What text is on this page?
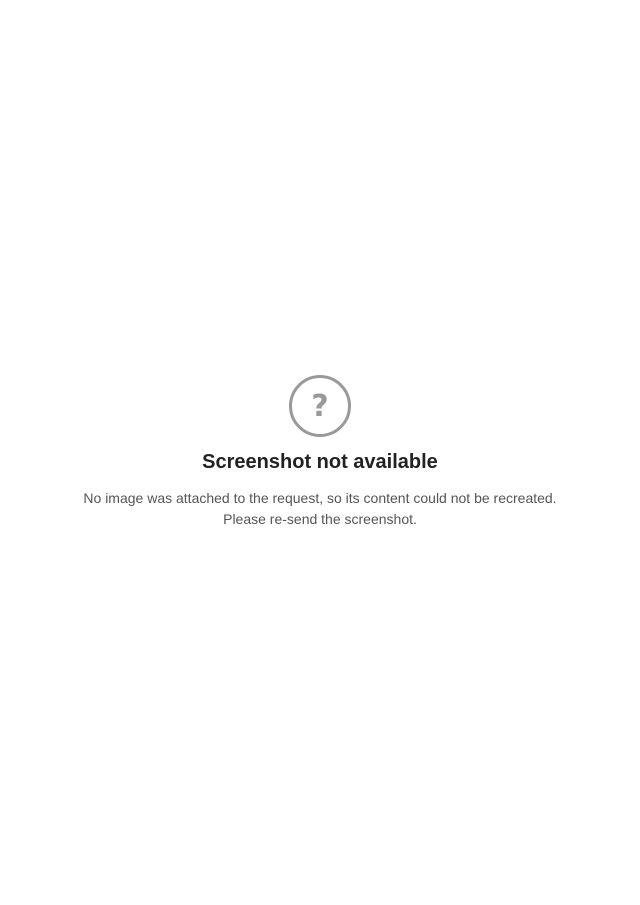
?
Screenshot not available
No image was attached to the request, so its content could not be recreated. Please re-send the screenshot.
